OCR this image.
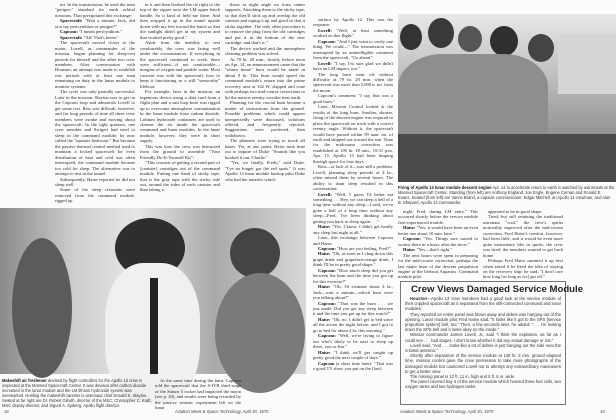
mi. In the transmission, he used the term "perigee," standard for earth orbital missions. That precipitated this exchange:

Spacecraft: "Wait a minute, Jack, did you say pericynthion or perigee?"

Capcom: "I meant pericynthion."

Spacecraft: "Ah! That's better."

The spacecraft moved closer to the moon. Lovell, as commander of the mission, began planning for sleep-rest periods for himself and the other two crew members. After conversation with Houston, an attempt was made to establish rest periods with at least one man remaining on duty in the lunar module to monitor systems.

The cycle was only partially successful. Later in the mission, Slayton was to get on the Capcom loop and admonish Lovell to get some rest. Rest was difficult, however, and for long periods of time all three crew members were awake and moving about the spacecraft. In the tight quarters, one crew member and Swigert had tried to sleep in the command module, by now called the "upstairs bedroom." But because the passive thermal control method used to maintain a locked spacecraft for even distribution of heat and cold was often interrupted, the command module became too cold for sleep. The alternative was to attempt to rest in the tunnel.

Subsequently, Haise reported he did not sleep well.

Some of the sleep restraints were removed from the command module, rigged up

in it and then hooked the tie right to the top of the zipper onto the LM upper hatch handle. So it kind of held me there. And then stripped it up in the tunnel upside down with my feet toward the hatch so that the sunlight didn't get in my system and that worked pretty good."

Aside from the inability to rest comfortably, the crew was faring well under the circumstances. If everything in the spacecraft continued to work, there were sufficient—if not comfortable—margins of oxygen and potable water. Most concern was with the spacecraft, how to keep it functioning as a still "seaworthy" lifeboat.

For example, later in the mission, an ingenious device using a data card from a flight plan and a suit loop hose was rigged up to overcome atmosphere contamination in the lunar module from carbon dioxide. Lithium hydroxide containers are used to cleanse the air inside the spacecraft command and lunar modules. In the lunar module, however, they were in short supply.

This was how the crew was instructed from the ground to assemble "Your Friendly Do-It-Yourself Kit":

"This consists of getting a second pair of [canister] cartridges out of the command module. Putting one band of sticky tape, that is the gray tape with the sticky side out, around the sides of each canister and then taking a

those at night angle no form center supports. Attaching them to the sticky tape, so that they'll stick up and overlap the old canister and taping it up and good so that it sticks together. The only other procedure is to remove the plug from the old cartridges and put it in the bottom of the new cartridge, and that's it."

The device worked and the atmosphere cleaning problem was solved.

At 70 hr. 20 min., shortly before noon on Apr. 14, an announcement came that the "return home" burn would be made in about 9 hr. This burn would speed the command module's return into the prime recovery area at 142 W. slapped and cone with perhaps two mid-course corrections to hit the narrow reentry corridor near earth.

Planning for the crucial burn became a matter of instructions from the ground. Possible problems which could appear unexpectedly were discussed, solutions offered, and frequently rejected. Suggestions were proferred, then withdrawn.

The planners were trying to touch all bases. Yet, at one point, Haise took time out to inquire of Duke: "Sounds like you hooked it out, Charlie."

"Yes, we finally, Fredo," said Duke. "I've no longer got the red spots." It was Apollo 13 lunar module backup pilot Duke who had the measles which

Makeshift air freshener devised by flight controllers for the Apollo 13 crew is inspected at the Manned Spacecraft Center. It was devised after carbon dioxide increased in the lunar module and the LM lithium hydroxide system was overworked. Holding the makeshift canister is astronaut chief Donald K. Slayton. Seated at far right are Dr. Robert Gilruth, director of the MSC; Christopher C. Kraft, MSC deputy director, and Sigurd A. Sjoberg, Apollo flight director.

At the same time during the burn, Capcom told the spacecraft that the S-IVB third stage of the Saturn 5 rocket had impacted the moon (see p. 20), and results were being recorded by the passive seismic experiment left on the lunar

18	Aviation Week & Space Technology, April 20, 1970

surface by Apollo 12. This was the response:

Lovell: "Well, at least something worked on this flight."

Capcom: "And I just want to verify one thing. We could—" The transmission was interrupted by an unintelligible comment from the spacecraft. "Go ahead."

Lovell: "I say, I'm sure glad we didn't have an LM impact, too."

The long burn went off without difficulty at 79 hr. 28 min. when the spacecraft was more than 5,000 n. mi. from the moon.

Capcom's comment: "I say, that was a good burn."

Later, Mission Control looked at the results of the long burn. Another, shorter, firing of the descent engine was required to place the spacecraft on track with a correct reentry angle. Without it, the spacecraft would have passed within 99 naut. mi. of earth and skipped out toward the sun. Time for the midcourse correction was established at 105 hr. 18 min., 10:31 p.m. Apr. 15. Apollo 13 had been limping through space for four days.

Rest—or lack of it—was still a problem. Lovell, planning sleep periods of 4 hr., often missed them by several hours. The ability to shun sleep resulted in this conversation:

Lovell: "Well, I guess I'd better eat something . . . Hey, we can sleep a hell of a long time without any sleep—I said, we've gone a hell of a long time without any sleep—Fred, I've been thinking about getting you back to sleep again . . ."

Haise: "Yes, I know. I didn't get hardly any sleep last night at all."

Later, this exchange between Capcom and Haise:

Capcom: "How are you feeling, Fred?"

Haise: "Oh, as soon as I chug down this grape drink and grapefruit-orange drink, I think I'll be in pretty good shape."

Capcom: "How much sleep did you get between the burn and the time you got up for this exercise?"

Haise: "Oh, I'd estimate about 4 hr., Jack—wait a minute—which burn were you talking about?"

Capcom: "That was the burn . . . we just made. Did you get any sleep between it and the time you got up for this watch?"

Haise: "Oh, no. I didn't get to bed since all the action the night before, and I got to go to bed for about 4 hr. this morning."

Capcom: "Well, we're trying to figure out who's likely to be next to sleep up there, you or Jim."

Haise: "I think we'll get caught up pretty good the next couple of days."

Capcom (a short time later): "That was a good TV show you put on the [last]

Firing of Apollo 13 lunar module descent engine Apr. 14 to accelerate return to earth is watched by astronauts at the Manned Spacecraft Center. Standing (from left) are Anthony England, Joe Engle, Eugene Cernan and Ronald E. Evans. Seated (from left) are Vance Brand, a capsule communicator; Edgar Mitchell, an Apollo 14 crewman; and Alan B. Shepard, Apollo 14 commander.

night, Fred, during LM entry." This occurred shortly before the service module first experienced trouble.

Haise: "Yes, it would have been an even better one about 10 min. later."

Capcom: "Yes. Things sure turned to worms there in a hurry after the show."

Haise: "Yes—that's right."

The next hours were spent in preparing for the mid-course correction, perhaps the last major burn of the descent propulsion engine of the lifeboat Aquarius. Command module pilot

appeared to be in good shape.

Tired, but still retaining the traditional astronaut "cool," the crew's spirits noticeably improved after the mid-course correction. Fred Haise's comfort, however, had been little, and it would be even more quite momentary lifts in spirits, the crew was tired; the members wanted to get back home.

Perhaps Fred Haise summed it up best when asked if he liked the idea of staying on the recovery ship: he said, "I don't care how long [as long as we] get off."

Crew Views Damaged Service Module

Houston—Apollo 13 crew members had a good look at the service module of their crippled spacecraft as it separated from the still-connected command and lunar modules.

They reported an entire panel was blown away and debris was hanging out of the opening. Lunar module pilot Fred Haise said, "It looks like it got to the SPS [service propulsion system] bell, too." Then, a few seconds later, he added: ". . . I'm looking down the SPS bell and it looks okay on the inside."

Mission commander James Lovell, Jr., said "I think the explosion, as far as I could see . . . had stages. I don't know whether it did any actual damage or not."

Lovell said, "And . . . looks like a lot of debris is just hanging out the side near the S-band antenna."

Shortly after separation of the service module at 138 hr. 2 min. ground elapsed time, mission control gave the crew permission to take more photographs of the damaged module but cautioned Lovell not to attempt any extraordinary maneuvers to get a better view.

The missing panel is 12 ft. 11 in. high and 5 ft. 6 in. wide.

The panel covered bay 4 of the service module which housed three fuel cells, two oxygen tanks and two hydrogen tanks.

Aviation Week & Space Technology, April 20, 1970	19
